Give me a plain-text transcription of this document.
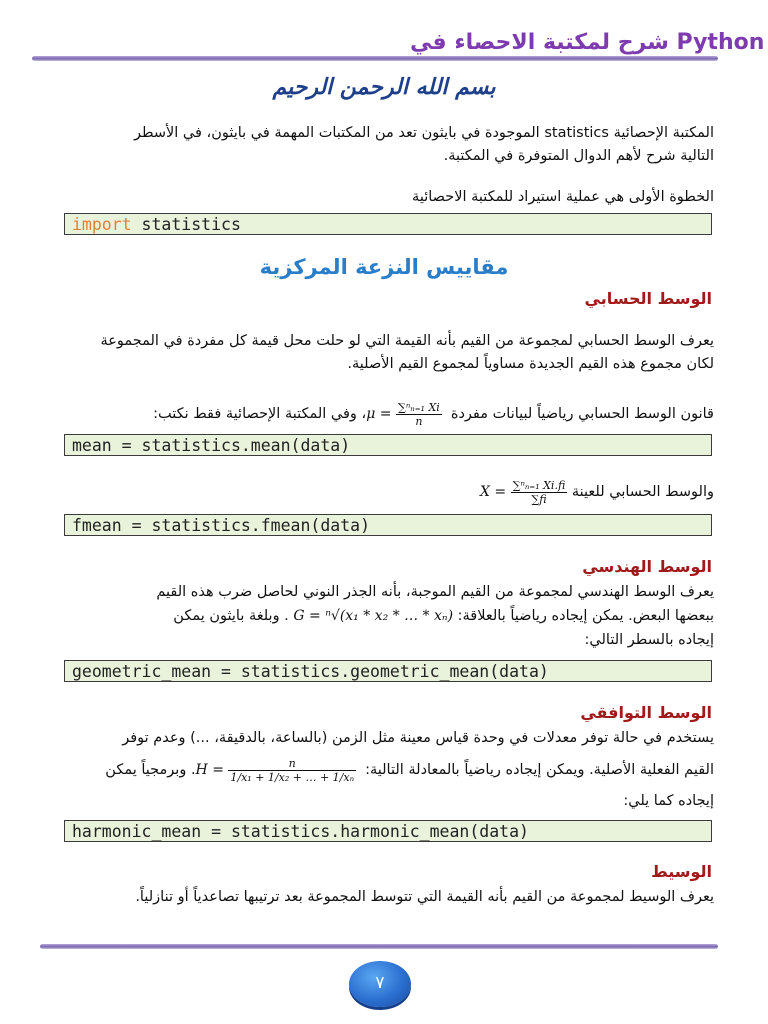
شرح لمكتبة الاحصاء في Python
بسم الله الرحمن الرحيم
المكتبة الإحصائية statistics الموجودة في بايثون تعد من المكتبات المهمة في بايثون، في الأسطر
التالية شرح لأهم الدوال المتوفرة في المكتبة.
الخطوة الأولى هي عملية استيراد للمكتبة الاحصائية
import statistics
مقاييس النزعة المركزية
الوسط الحسابي
يعرف الوسط الحسابي لمجموعة من القيم بأنه القيمة التي لو حلت محل قيمة كل مفردة في المجموعة
لكان مجموع هذه القيم الجديدة مساوياً لمجموع القيم الأصلية.
قانون الوسط الحسابي رياضياً لبيانات مفردة $\mu = \frac{\text{∑ⁿₙ₌₁ Xi}}{n}$
، وفي المكتبة الإحصائية فقط نكتب:
mean = statistics.mean(data)
والوسط الحسابي للعينة $X = \frac{\text{∑ⁿₙ₌₁ Xi.fi}}{\sum fi}$
fmean = statistics.fmean(data)
الوسط الهندسي
يعرف الوسط الهندسي لمجموعة من القيم الموجبة، بأنه الجذر النوني لحاصل ضرب هذه القيم
ببعضها البعض. يمكن إيجاده رياضياً بالعلاقة: G = ⁿ√(x₁ * x₂ * … * xₙ) . وبلغة بايثون يمكن
إيجاده بالسطر التالي:
geometric_mean = statistics.geometric_mean(data)
الوسط التوافقي
يستخدم في حالة توفر معدلات في وحدة قياس معينة مثل الزمن (بالساعة، بالدقيقة، ...) وعدم توفر
القيم الفعلية الأصلية. ويمكن إيجاده رياضياً بالمعادلة التالية: $H = \frac{n}{\text{1/x₁ + 1/x₂ + … + 1/xₙ}}$
. وبرمجياً يمكن
إيجاده كما يلي:
harmonic_mean = statistics.harmonic_mean(data)
الوسيط
يعرف الوسيط لمجموعة من القيم بأنه القيمة التي تتوسط المجموعة بعد ترتيبها تصاعدياً أو تنازلياً.
٧
